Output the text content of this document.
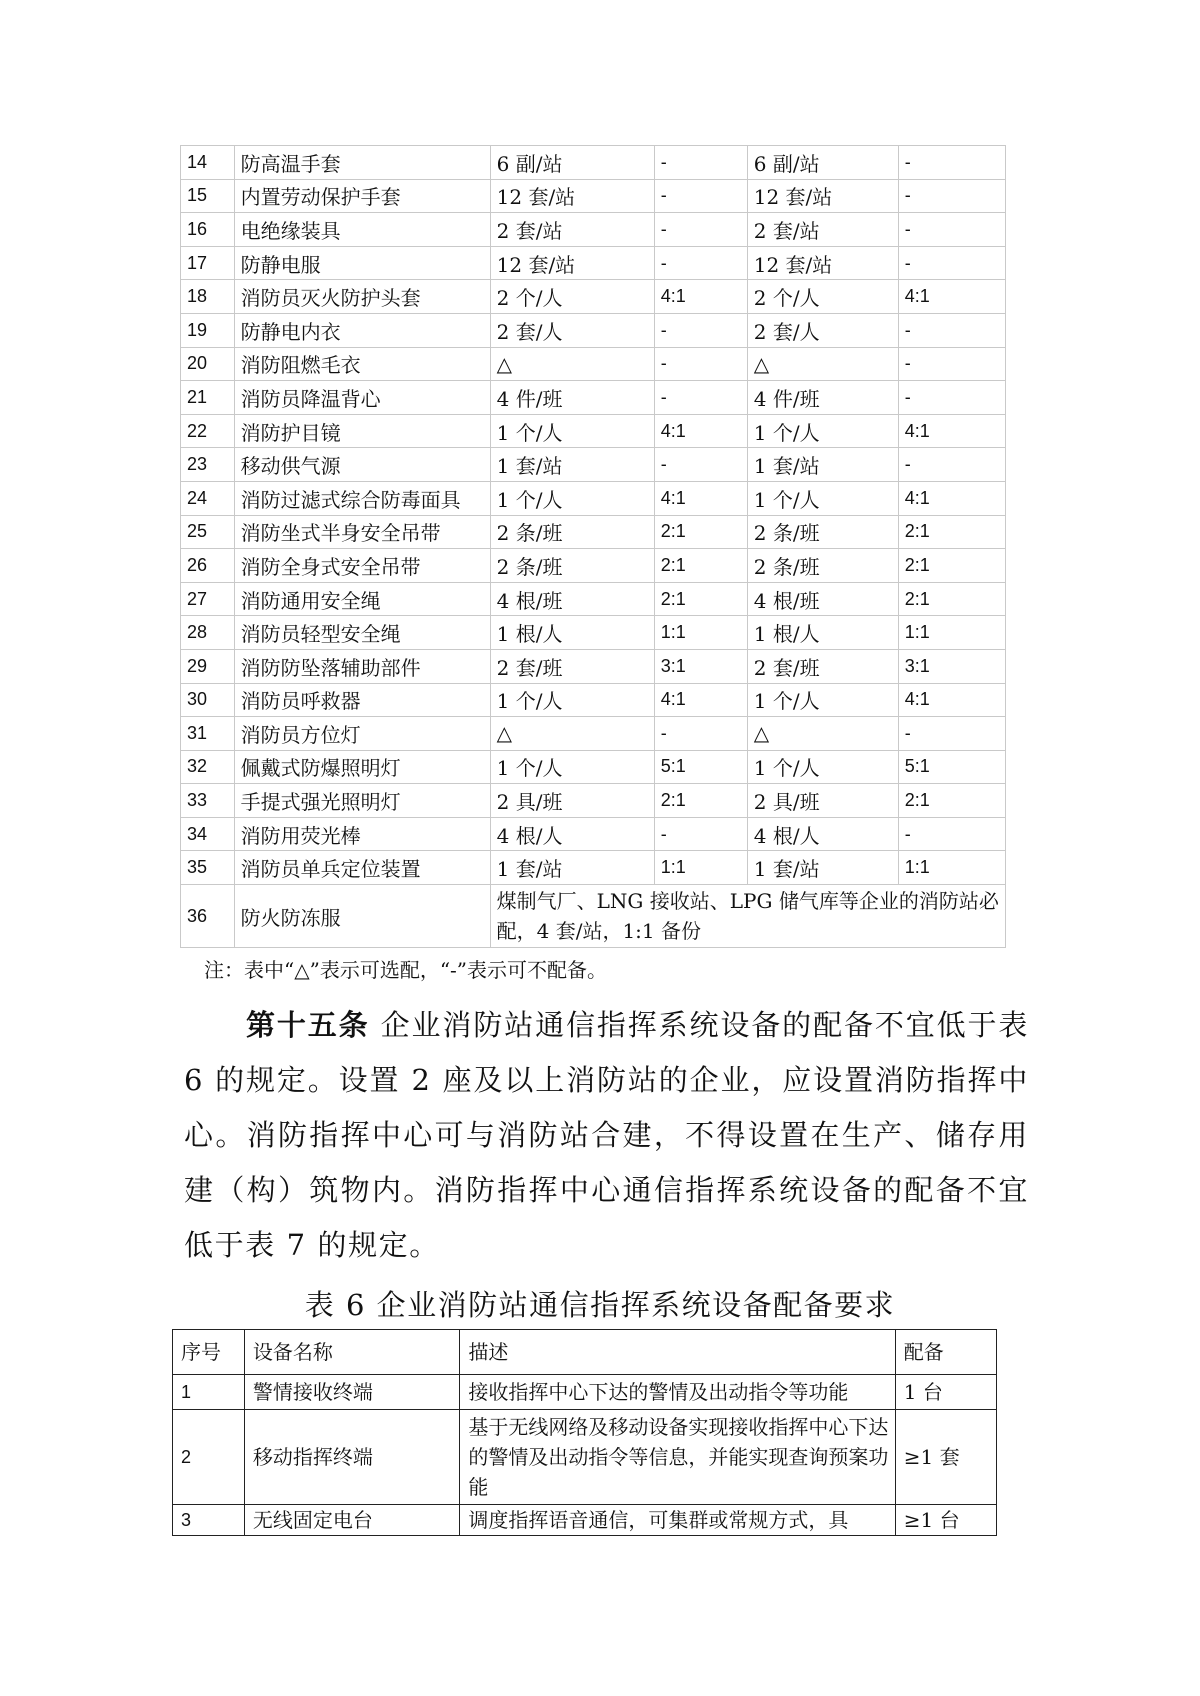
14	防高温手套	6 副/站	-	6 副/站	-
15	内置劳动保护手套	12 套/站	-	12 套/站	-
16	电绝缘装具	2 套/站	-	2 套/站	-
17	防静电服	12 套/站	-	12 套/站	-
18	消防员灭火防护头套	2 个/人	4:1	2 个/人	4:1
19	防静电内衣	2 套/人	-	2 套/人	-
20	消防阻燃毛衣	△	-	△	-
21	消防员降温背心	4 件/班	-	4 件/班	-
22	消防护目镜	1 个/人	4:1	1 个/人	4:1
23	移动供气源	1 套/站	-	1 套/站	-
24	消防过滤式综合防毒面具	1 个/人	4:1	1 个/人	4:1
25	消防坐式半身安全吊带	2 条/班	2:1	2 条/班	2:1
26	消防全身式安全吊带	2 条/班	2:1	2 条/班	2:1
27	消防通用安全绳	4 根/班	2:1	4 根/班	2:1
28	消防员轻型安全绳	1 根/人	1:1	1 根/人	1:1
29	消防防坠落辅助部件	2 套/班	3:1	2 套/班	3:1
30	消防员呼救器	1 个/人	4:1	1 个/人	4:1
31	消防员方位灯	△	-	△	-
32	佩戴式防爆照明灯	1 个/人	5:1	1 个/人	5:1
33	手提式强光照明灯	2 具/班	2:1	2 具/班	2:1
34	消防用荧光棒	4 根/人	-	4 根/人	-
35	消防员单兵定位装置	1 套/站	1:1	1 套/站	1:1
36	防火防冻服	煤制气厂、LNG 接收站、LPG 储气库等企业的消防站必配，4 套/站，1:1 备份			
注：表中“△”表示可选配，“-”表示可不配备。
第十五条 企业消防站通信指挥系统设备的配备不宜低于表 6 的规定。设置 2 座及以上消防站的企业，应设置消防指挥中心。消防指挥中心可与消防站合建，不得设置在生产、储存用建（构）筑物内。消防指挥中心通信指挥系统设备的配备不宜低于表 7 的规定。
表 6 企业消防站通信指挥系统设备配备要求
序号	设备名称	描述	配备
1	警情接收终端	接收指挥中心下达的警情及出动指令等功能	1 台
2	移动指挥终端	基于无线网络及移动设备实现接收指挥中心下达的警情及出动指令等信息，并能实现查询预案功能	≥1 套
3	无线固定电台	调度指挥语音通信，可集群或常规方式，具	≥1 台
